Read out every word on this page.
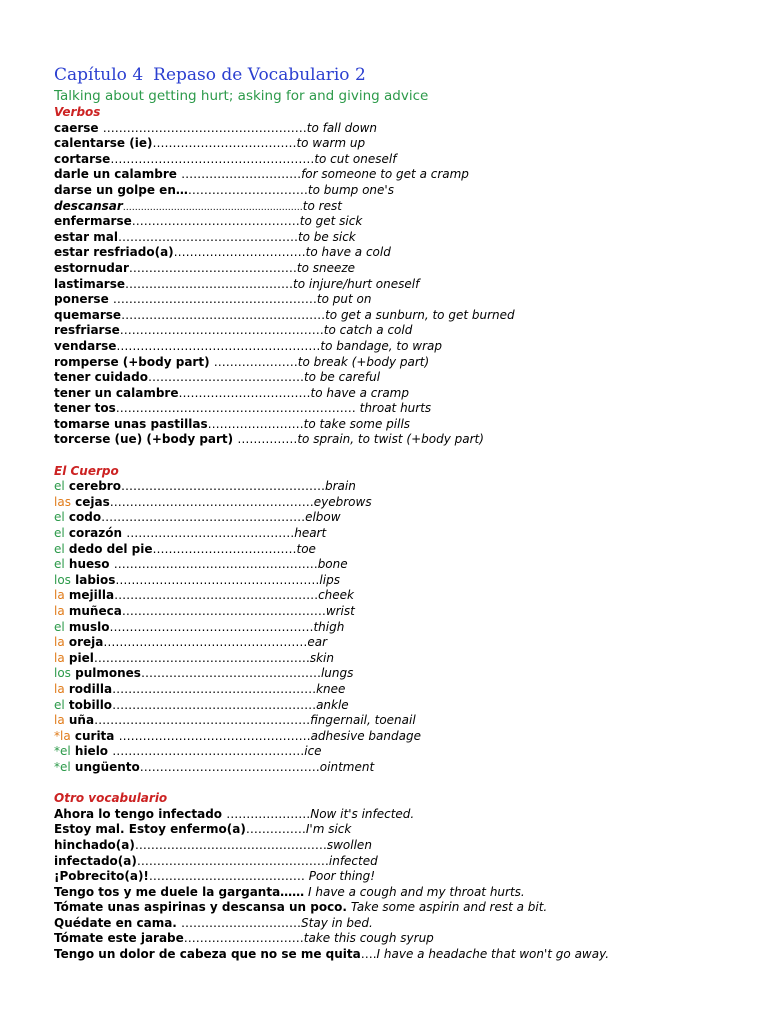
Capítulo 4 Repaso de Vocabulario 2
Talking about getting hurt; asking for and giving advice
Verbos
caerse ……………………………………………to fall down
calentarse (ie)………………………………to warm up
cortarse……………………………………………to cut oneself
darle un calambre …………………………for someone to get a cramp
darse un golpe en……………………………to bump one's
descansar……………………………………………………to rest
enfermarse……………………………………to get sick
estar mal………………………………………to be sick
estar resfriado(a)……………………………to have a cold
estornudar……………………………………to sneeze
lastimarse……………………………………to injure/hurt oneself
ponerse ……………………………………………to put on
quemarse……………………………………………to get a sunburn, to get burned
resfriarse……………………………………………to catch a cold
vendarse……………………………………………to bandage, to wrap
romperse (+body part) …………………to break (+body part)
tener cuidado…………………………………to be careful
tener un calambre……………………………to have a cramp
tener tos…………………………………………………… throat hurts
tomarse unas pastillas……………………to take some pills
torcerse (ue) (+body part) ……………to sprain, to twist (+body part)
El Cuerpo
el cerebro……………………………………………brain
las cejas……………………………………………eyebrows
el codo……………………………………………elbow
el corazón ……………………………………heart
el dedo del pie………………………………toe
el hueso ……………………………………………bone
los labios……………………………………………lips
la mejilla……………………………………………cheek
la muñeca……………………………………………wrist
el muslo……………………………………………thigh
la oreja……………………………………………ear
la piel………………………………………………skin
los pulmones………………………………………lungs
la rodilla……………………………………………knee
el tobillo……………………………………………ankle
la uña………………………………………………fingernail, toenail
*la curita …………………………………………adhesive bandage
*el hielo …………………………………………ice
*el ungüento………………………………………ointment
Otro vocabulario
Ahora lo tengo infectado …………………Now it's infected.
Estoy mal. Estoy enfermo(a)……………I'm sick
hinchado(a)…………………………………………swollen
infectado(a)…………………………………………infected
¡Pobrecito(a)!………………………………… Poor thing!
Tengo tos y me duele la garganta…… I have a cough and my throat hurts.
Tómate unas aspirinas y descansa un poco. Take some aspirin and rest a bit.
Quédate en cama. …………………………Stay in bed.
Tómate este jarabe…………………………take this cough syrup
Tengo un dolor de cabeza que no se me quita….I have a headache that won't go away.
